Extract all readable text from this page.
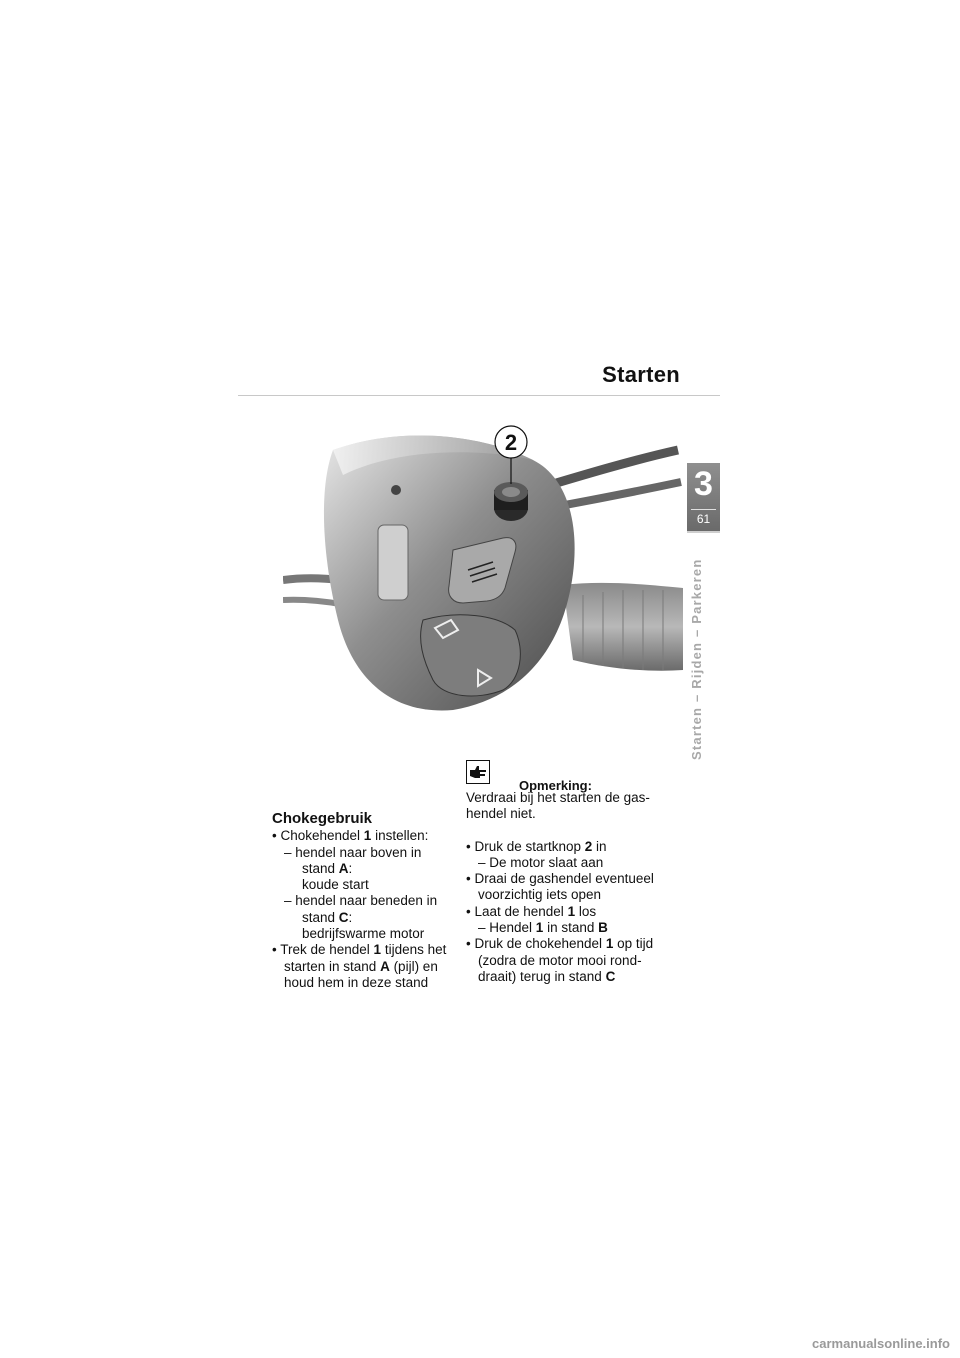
Starten
3
61
Starten – Rijden – Parkeren
2
Chokegebruik
• Chokehendel 1 instellen:
– hendel naar boven in
stand A:
koude start
– hendel naar beneden in
stand C:
bedrijfswarme motor
• Trek de hendel 1 tijdens het
starten in stand A (pijl) en
houd hem in deze stand
Opmerking:
Verdraai bij het starten de gas-
hendel niet.
• Druk de startknop 2 in
– De motor slaat aan
• Draai de gashendel eventueel
voorzichtig iets open
• Laat de hendel 1 los
– Hendel 1 in stand B
• Druk de chokehendel 1 op tijd
(zodra de motor mooi rond-
draait) terug in stand C
carmanualsonline.info
